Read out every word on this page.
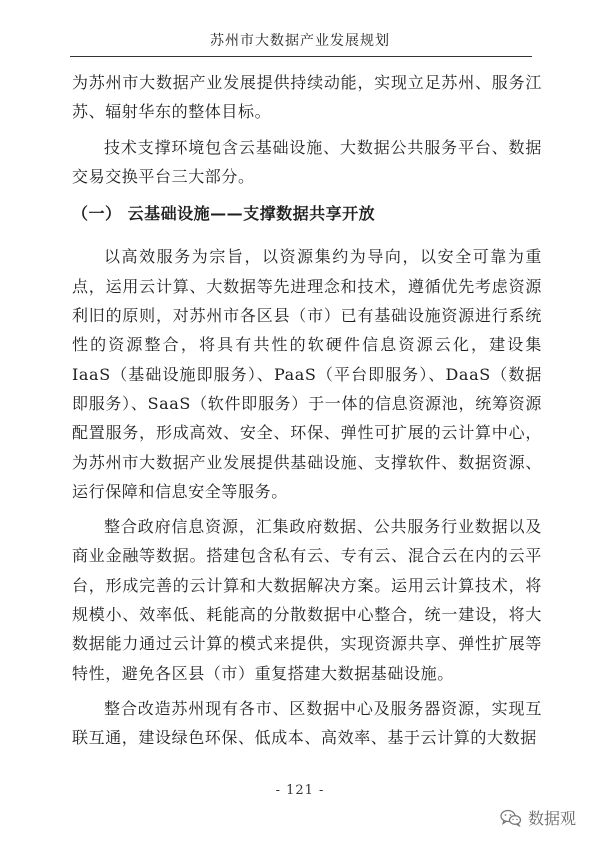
苏州市大数据产业发展规划

为苏州市大数据产业发展提供持续动能，实现立足苏州、服务江苏、辐射华东的整体目标。

技术支撑环境包含云基础设施、大数据公共服务平台、数据交易交换平台三大部分。

（一） 云基础设施——支撑数据共享开放

以高效服务为宗旨，以资源集约为导向，以安全可靠为重点，运用云计算、大数据等先进理念和技术，遵循优先考虑资源利旧的原则，对苏州市各区县（市）已有基础设施资源进行系统性的资源整合，将具有共性的软硬件信息资源云化，建设集 IaaS（基础设施即服务）、PaaS（平台即服务）、DaaS（数据即服务）、SaaS（软件即服务）于一体的信息资源池，统筹资源配置服务，形成高效、安全、环保、弹性可扩展的云计算中心，为苏州市大数据产业发展提供基础设施、支撑软件、数据资源、运行保障和信息安全等服务。

整合政府信息资源，汇集政府数据、公共服务行业数据以及商业金融等数据。搭建包含私有云、专有云、混合云在内的云平台，形成完善的云计算和大数据解决方案。运用云计算技术，将规模小、效率低、耗能高的分散数据中心整合，统一建设，将大数据能力通过云计算的模式来提供，实现资源共享、弹性扩展等特性，避免各区县（市）重复搭建大数据基础设施。

整合改造苏州现有各市、区数据中心及服务器资源，实现互联互通，建设绿色环保、低成本、高效率、基于云计算的大数据

- 121 -
数据观
